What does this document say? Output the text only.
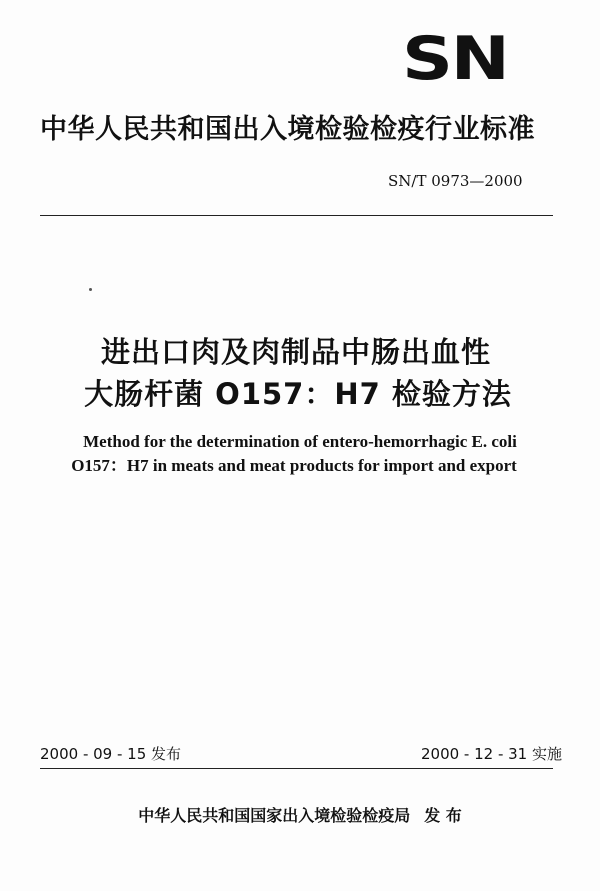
SN
中华人民共和国出入境检验检疫行业标准
SN/T 0973—2000
进出口肉及肉制品中肠出血性
大肠杆菌 O157：H7 检验方法
Method for the determination of entero-hemorrhagic E. coli
O157：H7 in meats and meat products for import and export
2000 - 09 - 15 发布	2000 - 12 - 31 实施
中华人民共和国国家出入境检验检疫局 发 布
